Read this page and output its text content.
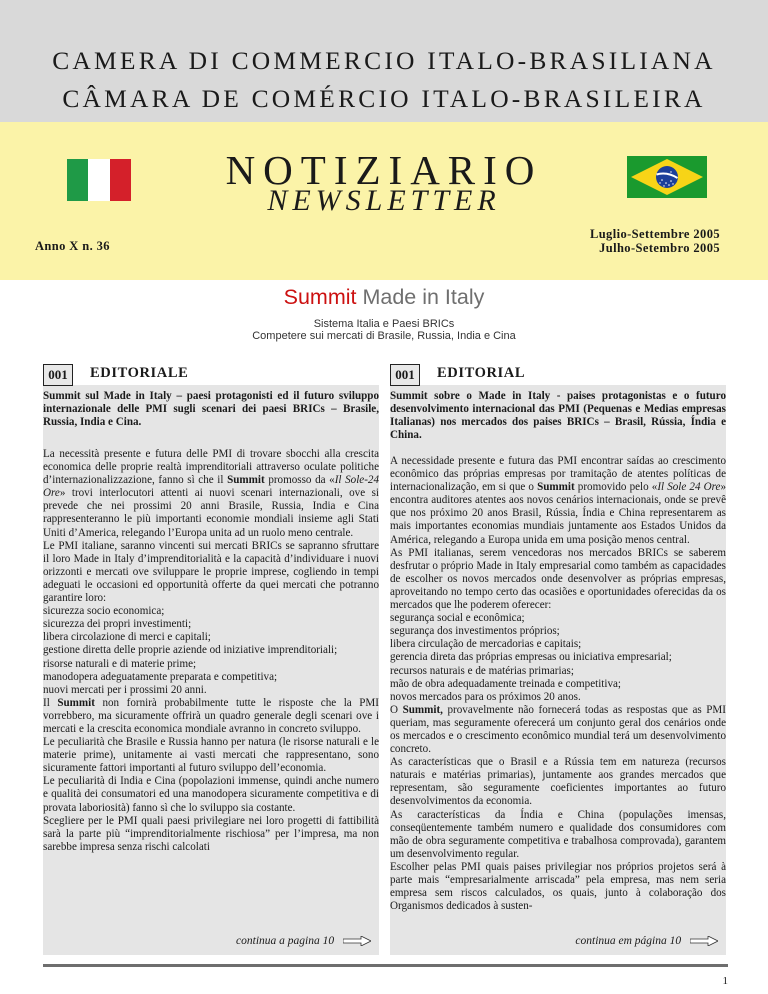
CAMERA DI COMMERCIO ITALO-BRASILIANA
CÂMARA DE COMÉRCIO ITALO-BRASILEIRA
NOTIZIARIO
NEWSLETTER
Anno X n. 36
Luglio-Settembre 2005
Julho-Setembro 2005
Summit Made in Italy
Sistema Italia e Paesi BRICs
Competere sui mercati di Brasile, Russia, India e Cina
001	EDITORIALE
Summit sul Made in Italy – paesi protagonisti ed il futuro sviluppo internazionale delle PMI sugli scenari dei paesi BRICs – Brasile, Russia, India e Cina.

La necessità presente e futura delle PMI di trovare sbocchi alla crescita economica delle proprie realtà imprenditoriali attraverso oculate politiche d’internazionalizzazione, fanno sì che il Summit promosso da «Il Sole-24 Ore» trovi interlocutori attenti ai nuovi scenari internazionali, ove si prevede che nei prossimi 20 anni Brasile, Russia, India e Cina rappresenteranno le più importanti economie mondiali insieme agli Stati Uniti d’America, relegando l’Europa unita ad un ruolo meno centrale.

Le PMI italiane, saranno vincenti sui mercati BRICs se sapranno sfruttare il loro Made in Italy d’imprenditorialità e la capacità d’individuare i nuovi orizzonti e mercati ove sviluppare le proprie imprese, cogliendo in tempi adeguati le occasioni ed opportunità offerte da quei mercati che potranno garantire loro:

sicurezza socio economica;

sicurezza dei propri investimenti;

libera circolazione di merci e capitali;

gestione diretta delle proprie aziende od iniziative imprenditoriali;

risorse naturali e di materie prime;

manodopera adeguatamente preparata e competitiva;

nuovi mercati per i prossimi 20 anni.

Il Summit non fornirà probabilmente tutte le risposte che la PMI vorrebbero, ma sicuramente offrirà un quadro generale degli scenari ove i mercati e la crescita economica mondiale avranno in concreto sviluppo.

Le peculiarità che Brasile e Russia hanno per natura (le risorse naturali e le materie prime), unitamente ai vasti mercati che rappresentano, sono sicuramente fattori importanti al futuro sviluppo dell’economia.

Le peculiarità di India e Cina (popolazioni immense, quindi anche numero e qualità dei consumatori ed una manodopera sicuramente competitiva e di provata laboriosità) fanno sì che lo sviluppo sia costante.

Scegliere per le PMI quali paesi privilegiare nei loro progetti di fattibilità sarà la parte più “imprenditorialmente rischiosa” per l’impresa, ma non sarebbe impresa senza rischi calcolati

continua a pagina 10
001	EDITORIAL
Summit sobre o Made in Italy - paises protagonistas e o futuro desenvolvimento internacional das PMI (Pequenas e Medias empresas Italianas) nos mercados dos paises BRICs – Brasil, Rússia, Índia e China.

A necessidade presente e futura das PMI encontrar saídas ao crescimento econômico das próprias empresas por tramitação de atentes políticas de internacionalização, em si que o Summit promovido pelo «Il Sole 24 Ore» encontra auditores atentes aos novos cenários internacionais, onde se prevê que nos próximo 20 anos Brasil, Rússia, Índia e China representarem as mais importantes economias mundiais juntamente aos Estados Unidos da América, relegando a Europa unida em uma posição menos central.

As PMI italianas, serem vencedoras nos mercados BRICs se saberem desfrutar o próprio Made in Italy empresarial como também as capacidades de escolher os novos mercados onde desenvolver as próprias empresas, aproveitando no tempo certo das ocasiões e oportunidades oferecidas da os mercados que lhe poderem oferecer:

segurança social e econômica;

segurança dos investimentos próprios;

libera circulação de mercadorias e capitais;

gerencia direta das próprias empresas ou iniciativa empresarial;

recursos naturais e de matérias primarias;

mão de obra adequadamente treinada e competitiva;

novos mercados para os próximos 20 anos.

O Summit, provavelmente não fornecerá todas as respostas que as PMI queriam, mas seguramente oferecerá um conjunto geral dos cenários onde os mercados e o crescimento econômico mundial terá um desenvolvimento concreto.

As características que o Brasil e a Rússia tem em natureza (recursos naturais e matérias primarias), juntamente aos grandes mercados que representam, são seguramente coeficientes importantes ao futuro desenvolvimentos da economia.

As características da Índia e China (populações imensas, conseqüentemente também numero e qualidade dos consumidores com mão de obra seguramente competitiva e trabalhosa comprovada), garantem um desenvolvimento regular.

Escolher pelas PMI quais paises privilegiar nos próprios projetos será à parte mais “empresarialmente arriscada” pela empresa, mas nem seria empresa sem riscos calculados, os quais, junto à colaboração dos Organismos dedicados à susten-

continua em página 10
1
